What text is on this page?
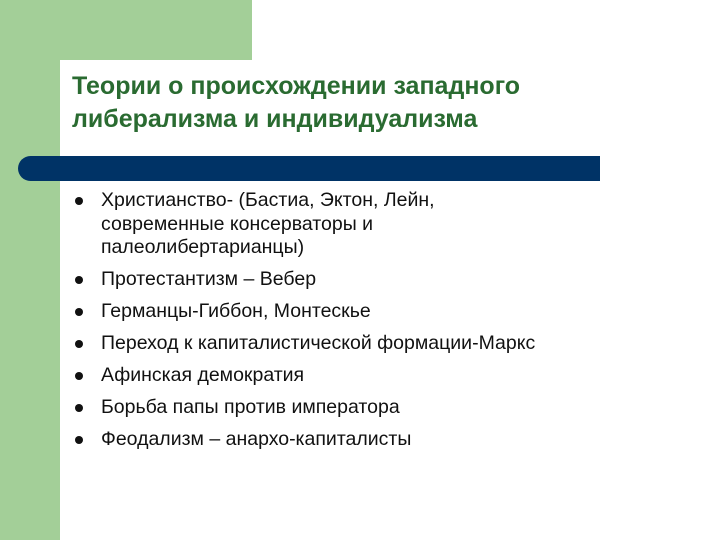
Теории о происхождении западного
либерализма и индивидуализма
Христианство- (Бастиа, Эктон, Лейн,
современные консерваторы и
палеолибертарианцы)
Протестантизм – Вебер
Германцы-Гиббон, Монтескье
Переход к капиталистической формации-Маркс
Афинская демократия
Борьба папы против императора
Феодализм – анархо-капиталисты
